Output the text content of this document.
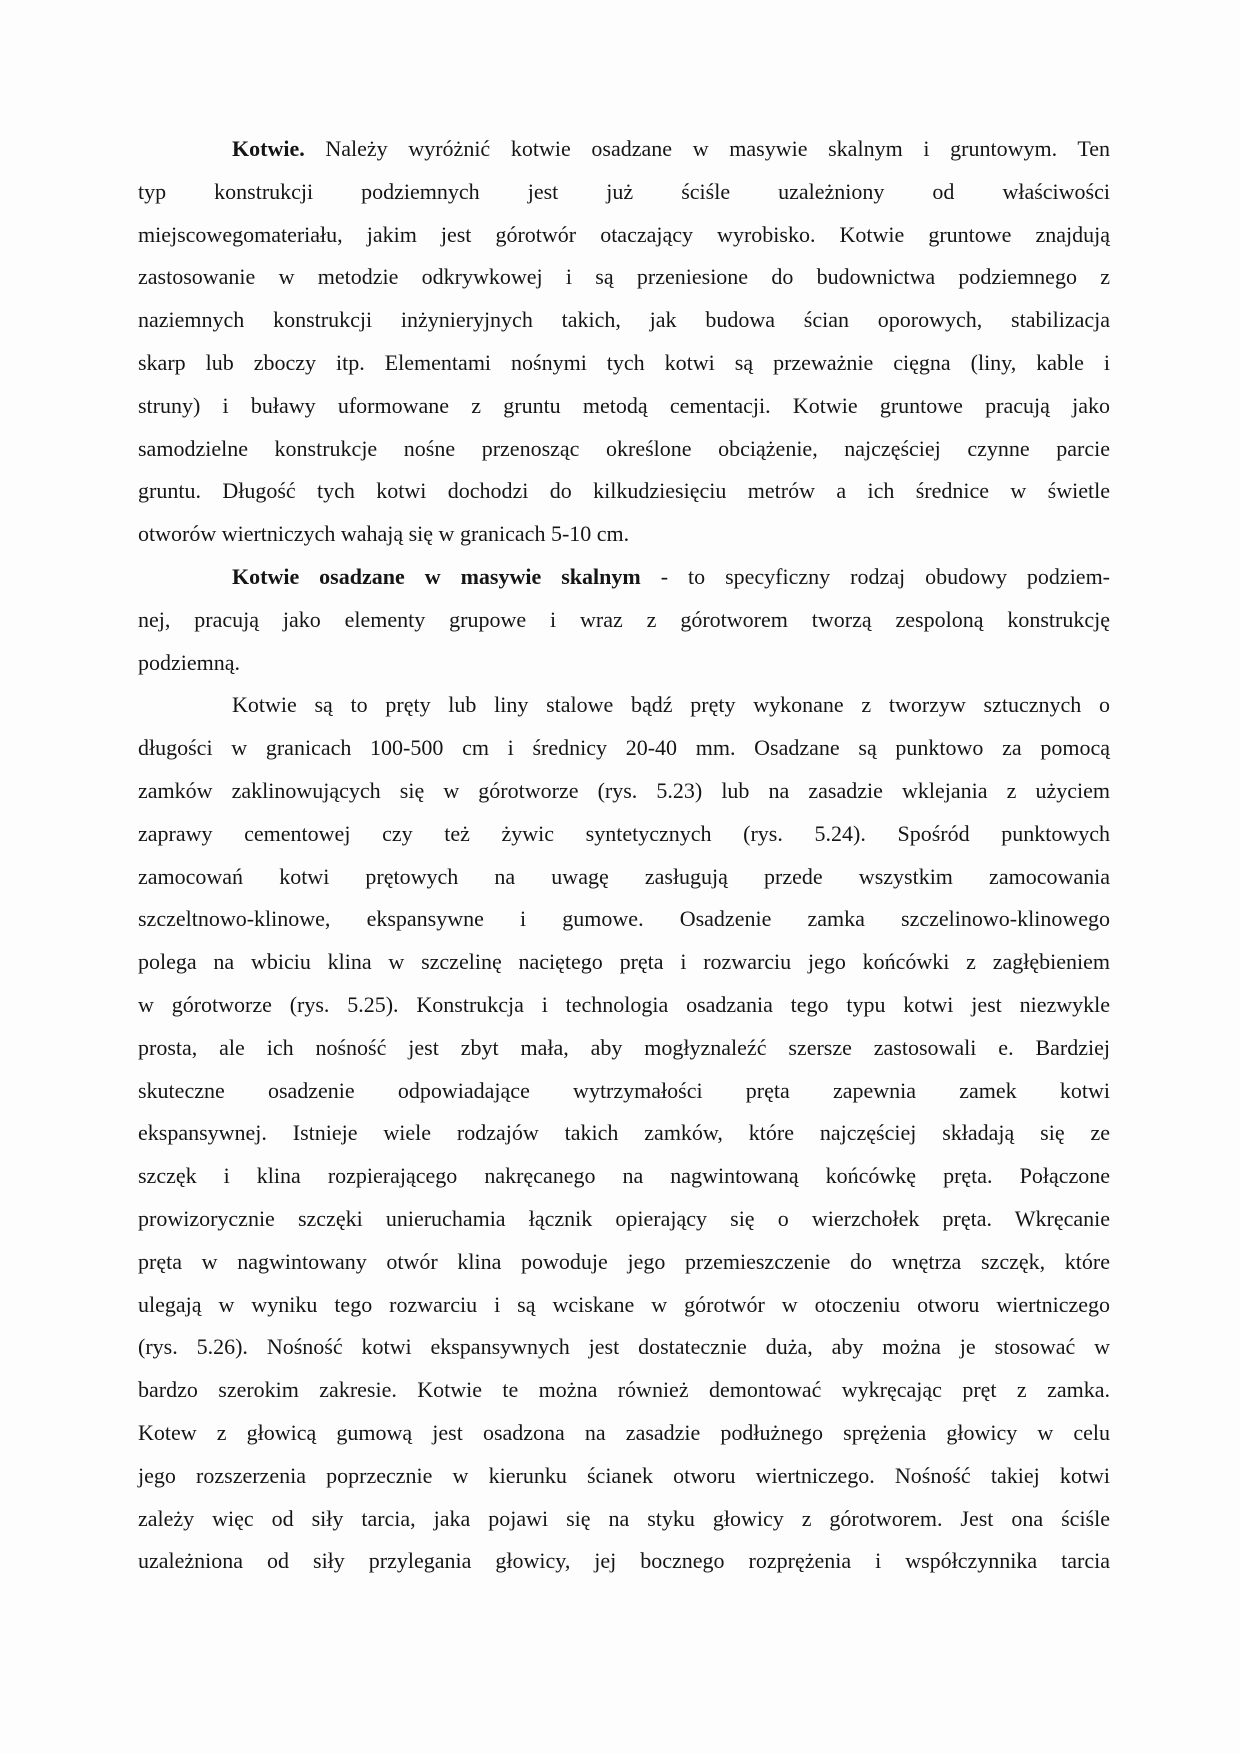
Kotwie. Należy wyróżnić kotwie osadzane w masywie skalnym i gruntowym. Ten
typ konstrukcji podziemnych jest już ściśle uzależniony od właściwości
miejscowegomateriału, jakim jest górotwór otaczający wyrobisko. Kotwie gruntowe znajdują
zastosowanie w metodzie odkrywkowej i są przeniesione do budownictwa podziemnego z
naziemnych konstrukcji inżynieryjnych takich, jak budowa ścian oporowych, stabilizacja
skarp lub zboczy itp. Elementami nośnymi tych kotwi są przeważnie cięgna (liny, kable i
struny) i buławy uformowane z gruntu metodą cementacji. Kotwie gruntowe pracują jako
samodzielne konstrukcje nośne przenosząc określone obciążenie, najczęściej czynne parcie
gruntu. Długość tych kotwi dochodzi do kilkudziesięciu metrów a ich średnice w świetle
otworów wiertniczych wahają się w granicach 5-10 cm.
Kotwie osadzane w masywie skalnym - to specyficzny rodzaj obudowy podziem-
nej, pracują jako elementy grupowe i wraz z górotworem tworzą zespoloną konstrukcję
podziemną.
Kotwie są to pręty lub liny stalowe bądź pręty wykonane z tworzyw sztucznych o
długości w granicach 100-500 cm i średnicy 20-40 mm. Osadzane są punktowo za pomocą
zamków zaklinowujących się w górotworze (rys. 5.23) lub na zasadzie wklejania z użyciem
zaprawy cementowej czy też żywic syntetycznych (rys. 5.24). Spośród punktowych
zamocowań kotwi prętowych na uwagę zasługują przede wszystkim zamocowania
szczeltnowo-klinowe, ekspansywne i gumowe. Osadzenie zamka szczelinowo-klinowego
polega na wbiciu klina w szczelinę naciętego pręta i rozwarciu jego końcówki z zagłębieniem
w górotworze (rys. 5.25). Konstrukcja i technologia osadzania tego typu kotwi jest niezwykle
prosta, ale ich nośność jest zbyt mała, aby mogłyznaleźć szersze zastosowali e. Bardziej
skuteczne osadzenie odpowiadające wytrzymałości pręta zapewnia zamek kotwi
ekspansywnej. Istnieje wiele rodzajów takich zamków, które najczęściej składają się ze
szczęk i klina rozpierającego nakręcanego na nagwintowaną końcówkę pręta. Połączone
prowizorycznie szczęki unieruchamia łącznik opierający się o wierzchołek pręta. Wkręcanie
pręta w nagwintowany otwór klina powoduje jego przemieszczenie do wnętrza szczęk, które
ulegają w wyniku tego rozwarciu i są wciskane w górotwór w otoczeniu otworu wiertniczego
(rys. 5.26). Nośność kotwi ekspansywnych jest dostatecznie duża, aby można je stosować w
bardzo szerokim zakresie. Kotwie te można również demontować wykręcając pręt z zamka.
Kotew z głowicą gumową jest osadzona na zasadzie podłużnego sprężenia głowicy w celu
jego rozszerzenia poprzecznie w kierunku ścianek otworu wiertniczego. Nośność takiej kotwi
zależy więc od siły tarcia, jaka pojawi się na styku głowicy z górotworem. Jest ona ściśle
uzależniona od siły przylegania głowicy, jej bocznego rozprężenia i współczynnika tarcia
